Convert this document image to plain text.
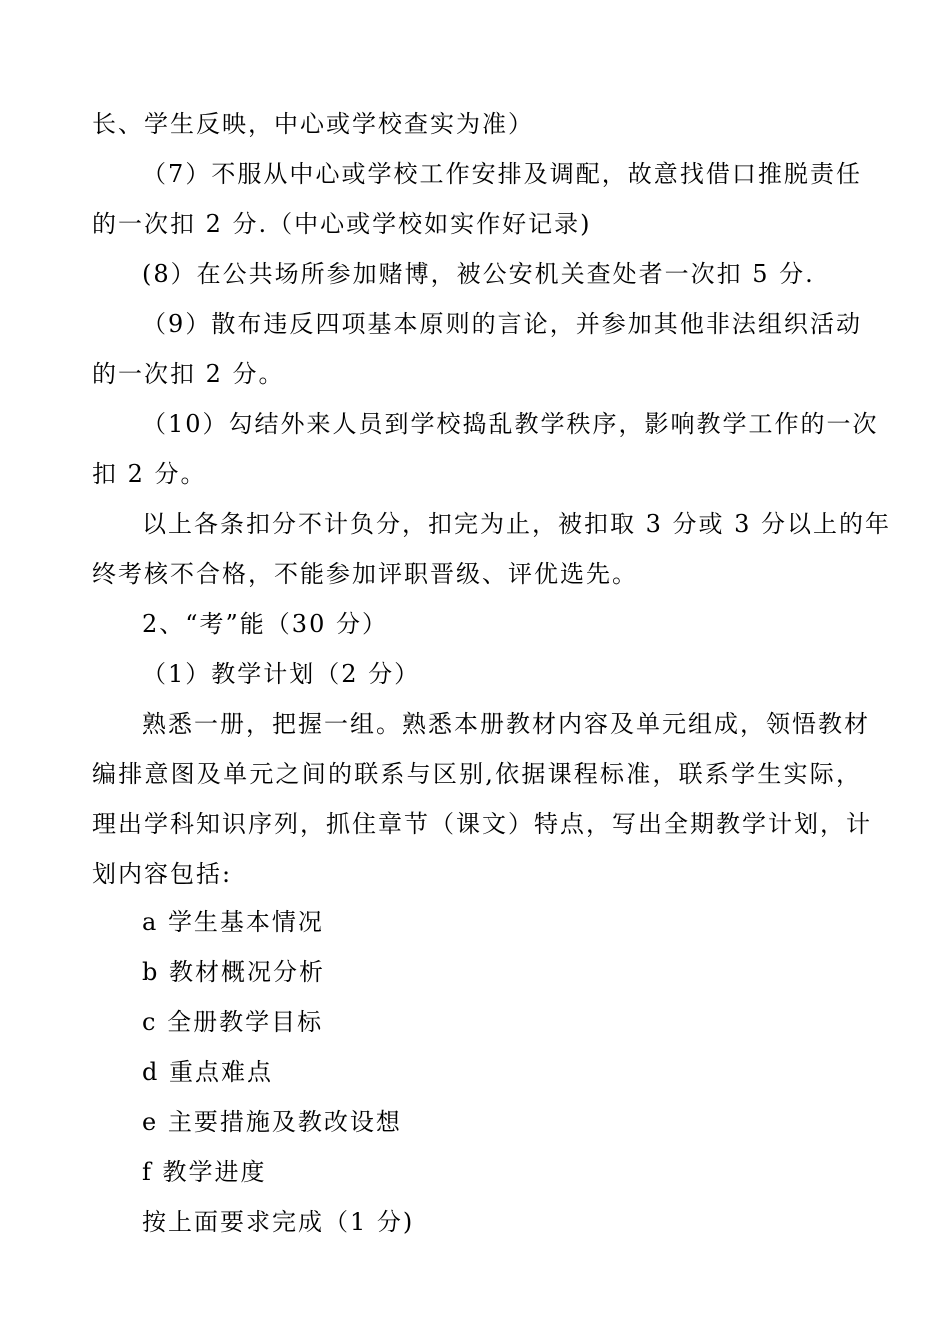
长、学生反映，中心或学校查实为准）
（7）不服从中心或学校工作安排及调配，故意找借口推脱责任
的一次扣 2 分.（中心或学校如实作好记录)
(8）在公共场所参加赌博，被公安机关查处者一次扣 5 分.
（9）散布违反四项基本原则的言论，并参加其他非法组织活动
的一次扣 2 分。
（10）勾结外来人员到学校捣乱教学秩序，影响教学工作的一次
扣 2 分。
以上各条扣分不计负分，扣完为止，被扣取 3 分或 3 分以上的年
终考核不合格，不能参加评职晋级、评优选先。
2、“考”能（30 分）
（1）教学计划（2 分）
熟悉一册，把握一组。熟悉本册教材内容及单元组成，领悟教材
编排意图及单元之间的联系与区别,依据课程标准，联系学生实际，
理出学科知识序列，抓住章节（课文）特点，写出全期教学计划，计
划内容包括:
a 学生基本情况
b 教材概况分析
c 全册教学目标
d 重点难点
e 主要措施及教改设想
f 教学进度
按上面要求完成（1 分)
